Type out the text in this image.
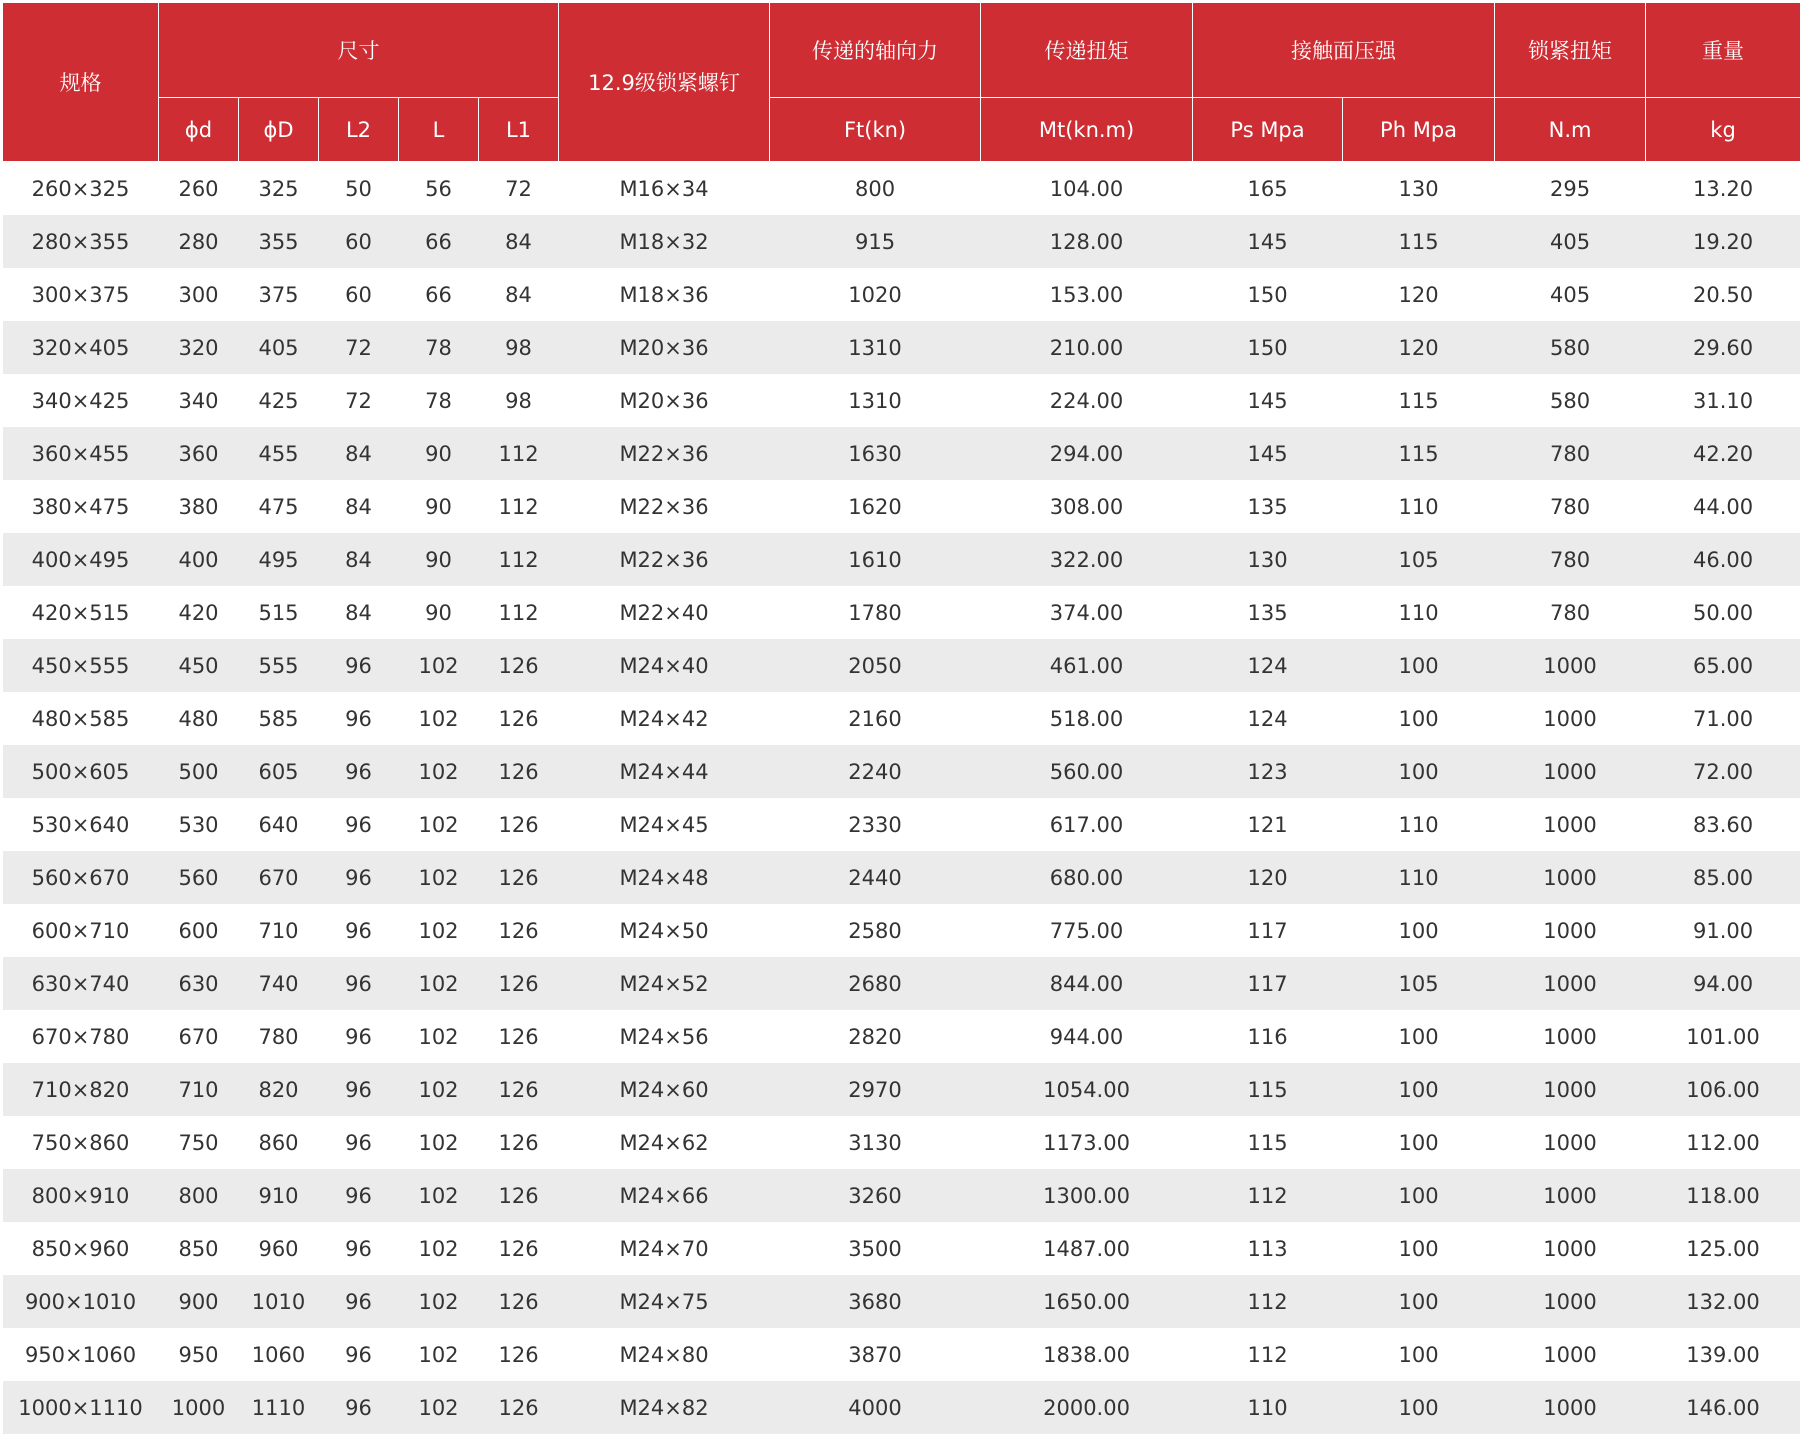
规格	尺寸					12.9级锁紧螺钉	传递的轴向力	传递扭矩	接触面压强		锁紧扭矩	重量
	ϕd	ϕD	L2	L	L1		Ft(kn)	Mt(kn.m)	Ps Mpa	Ph Mpa	N.m	kg
260×325	260	325	50	56	72	M16×34	800	104.00	165	130	295	13.20
280×355	280	355	60	66	84	M18×32	915	128.00	145	115	405	19.20
300×375	300	375	60	66	84	M18×36	1020	153.00	150	120	405	20.50
320×405	320	405	72	78	98	M20×36	1310	210.00	150	120	580	29.60
340×425	340	425	72	78	98	M20×36	1310	224.00	145	115	580	31.10
360×455	360	455	84	90	112	M22×36	1630	294.00	145	115	780	42.20
380×475	380	475	84	90	112	M22×36	1620	308.00	135	110	780	44.00
400×495	400	495	84	90	112	M22×36	1610	322.00	130	105	780	46.00
420×515	420	515	84	90	112	M22×40	1780	374.00	135	110	780	50.00
450×555	450	555	96	102	126	M24×40	2050	461.00	124	100	1000	65.00
480×585	480	585	96	102	126	M24×42	2160	518.00	124	100	1000	71.00
500×605	500	605	96	102	126	M24×44	2240	560.00	123	100	1000	72.00
530×640	530	640	96	102	126	M24×45	2330	617.00	121	110	1000	83.60
560×670	560	670	96	102	126	M24×48	2440	680.00	120	110	1000	85.00
600×710	600	710	96	102	126	M24×50	2580	775.00	117	100	1000	91.00
630×740	630	740	96	102	126	M24×52	2680	844.00	117	105	1000	94.00
670×780	670	780	96	102	126	M24×56	2820	944.00	116	100	1000	101.00
710×820	710	820	96	102	126	M24×60	2970	1054.00	115	100	1000	106.00
750×860	750	860	96	102	126	M24×62	3130	1173.00	115	100	1000	112.00
800×910	800	910	96	102	126	M24×66	3260	1300.00	112	100	1000	118.00
850×960	850	960	96	102	126	M24×70	3500	1487.00	113	100	1000	125.00
900×1010	900	1010	96	102	126	M24×75	3680	1650.00	112	100	1000	132.00
950×1060	950	1060	96	102	126	M24×80	3870	1838.00	112	100	1000	139.00
1000×1110	1000	1110	96	102	126	M24×82	4000	2000.00	110	100	1000	146.00
